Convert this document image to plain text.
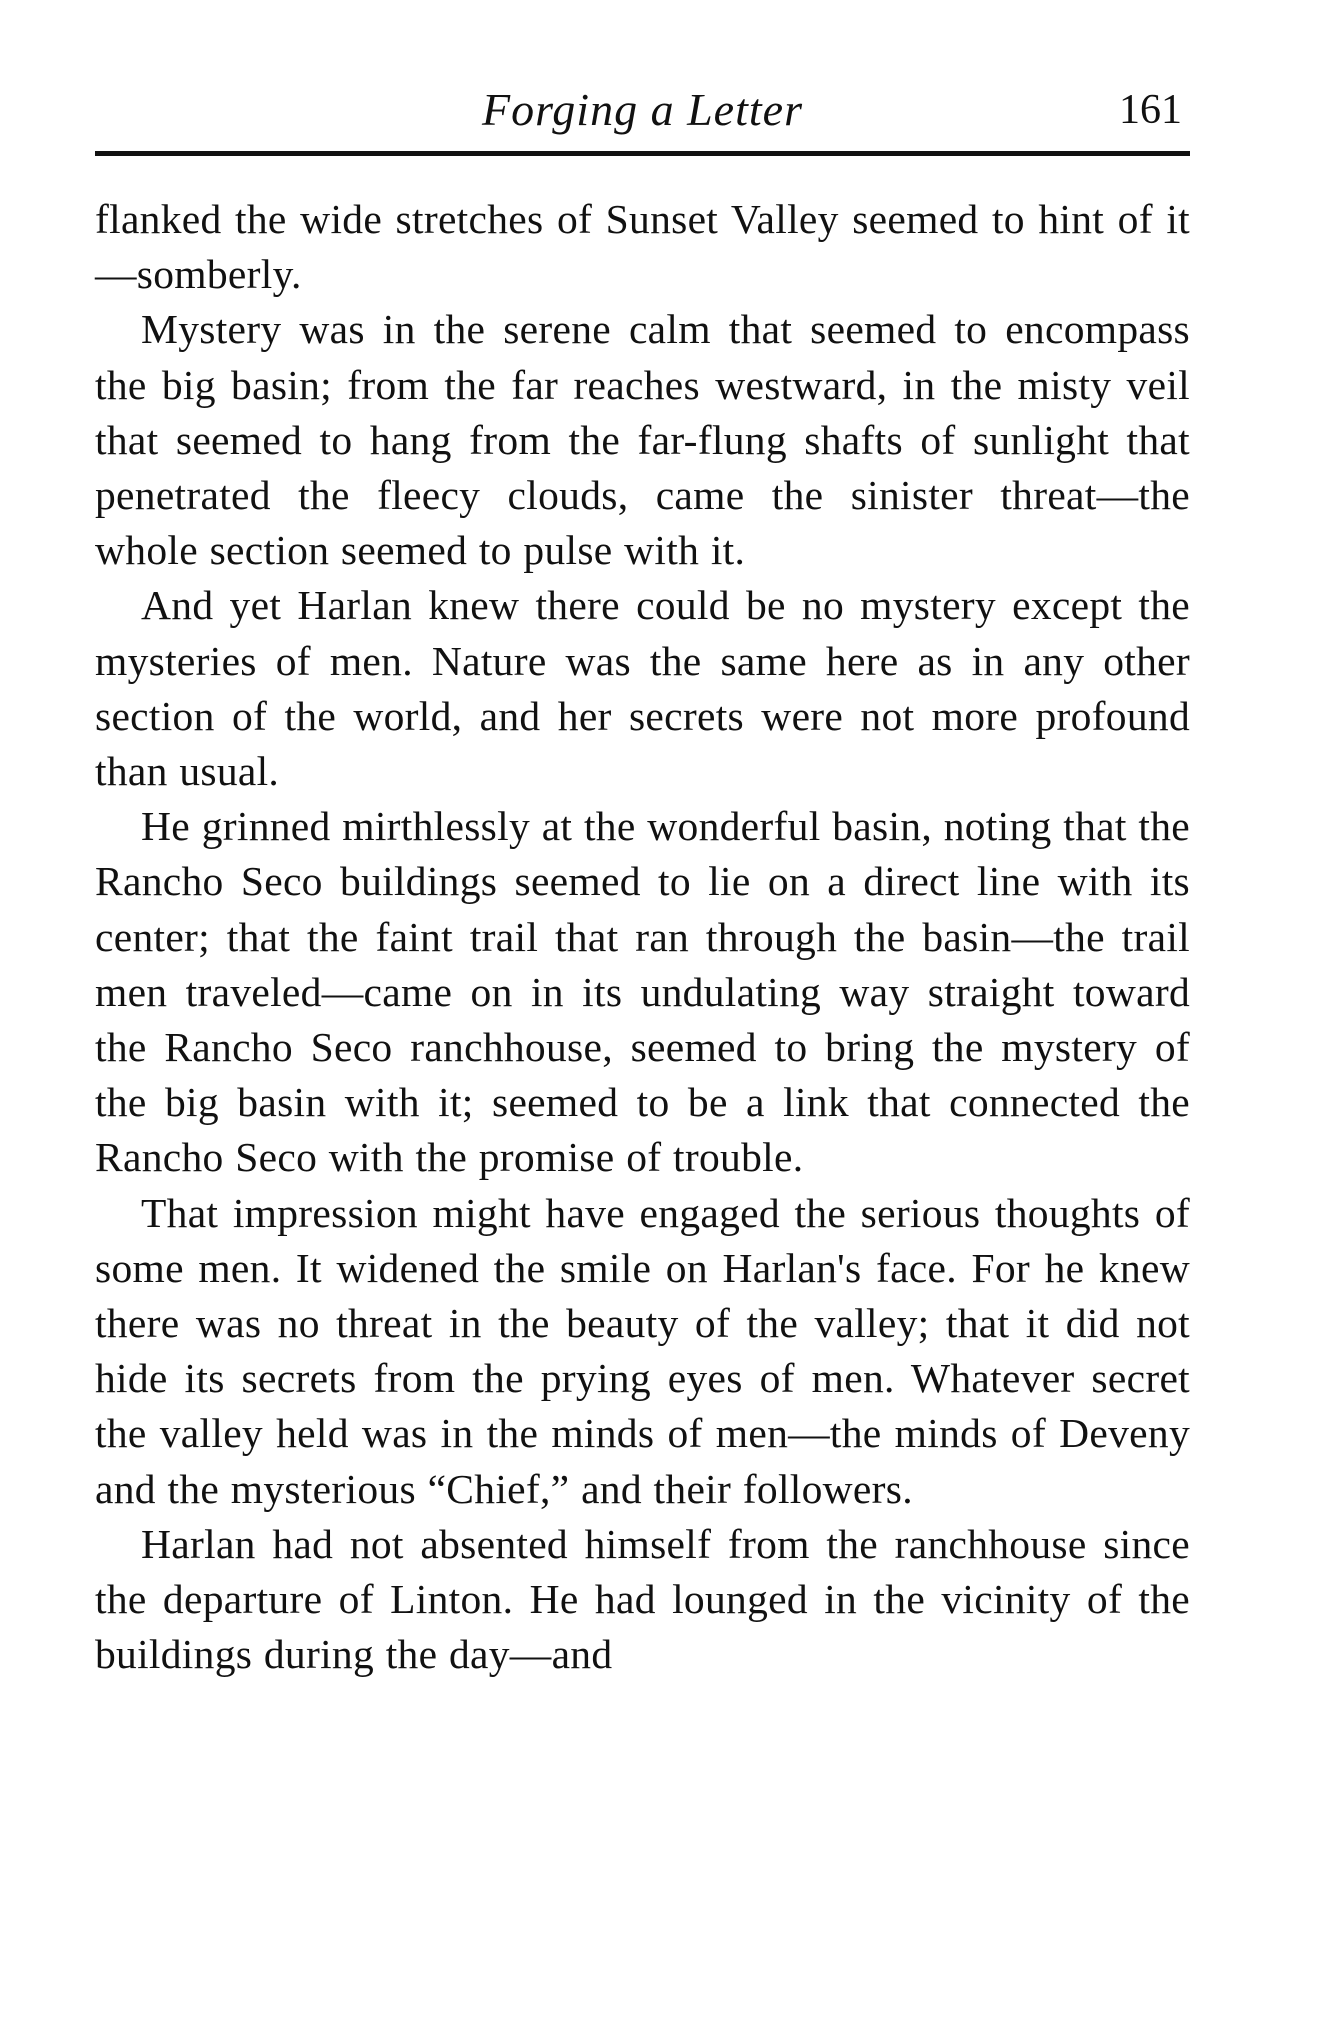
Forging a Letter	161

flanked the wide stretches of Sunset Valley seemed to hint of it—somberly.

Mystery was in the serene calm that seemed to encompass the big basin; from the far reaches westward, in the misty veil that seemed to hang from the far-flung shafts of sunlight that penetrated the fleecy clouds, came the sinister threat—the whole section seemed to pulse with it.

And yet Harlan knew there could be no mystery except the mysteries of men. Nature was the same here as in any other section of the world, and her secrets were not more profound than usual.

He grinned mirthlessly at the wonderful basin, noting that the Rancho Seco buildings seemed to lie on a direct line with its center; that the faint trail that ran through the basin—the trail men traveled—came on in its undulating way straight toward the Rancho Seco ranchhouse, seemed to bring the mystery of the big basin with it; seemed to be a link that connected the Rancho Seco with the promise of trouble.

That impression might have engaged the serious thoughts of some men. It widened the smile on Harlan's face. For he knew there was no threat in the beauty of the valley; that it did not hide its secrets from the prying eyes of men. Whatever secret the valley held was in the minds of men—the minds of Deveny and the mysterious “Chief,” and their followers.

Harlan had not absented himself from the ranchhouse since the departure of Linton. He had lounged in the vicinity of the buildings during the day—and
